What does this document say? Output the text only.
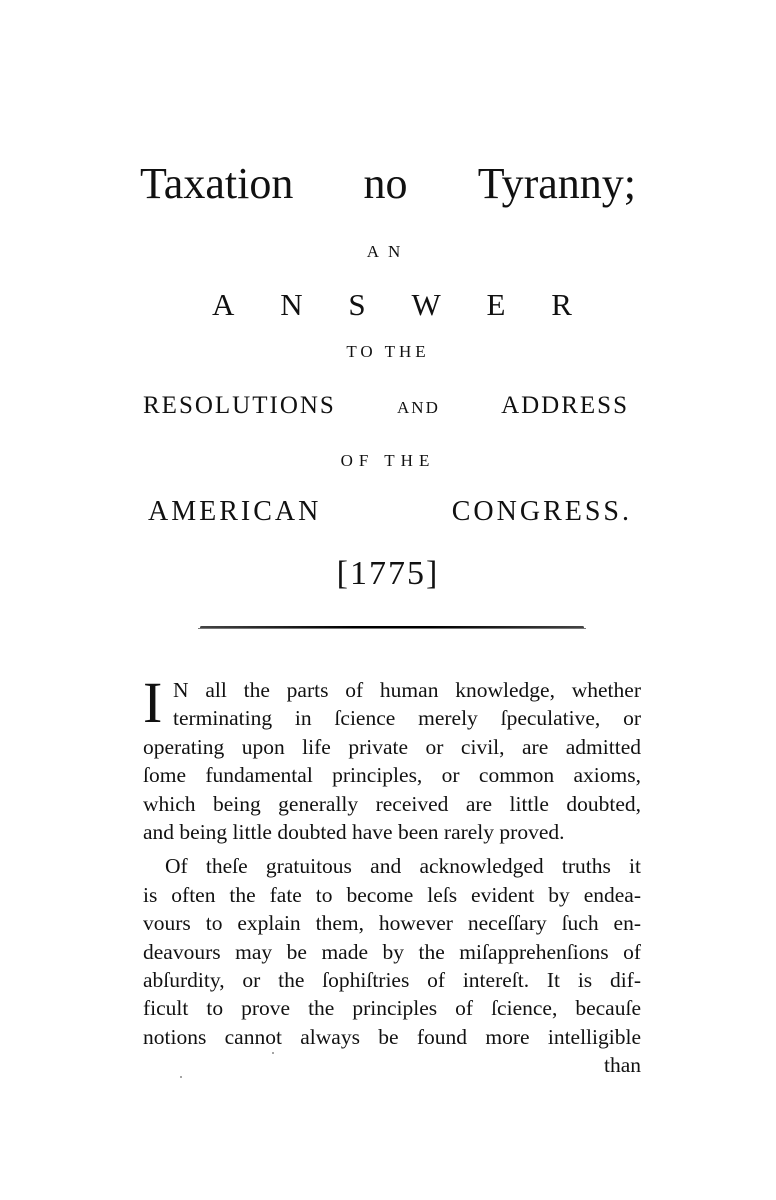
Taxation no Tyranny;
AN
A N S W E R
TO THE
RESOLUTIONS	AND ADDRESS
OF THE
AMERICAN	CONGRESS.
[1775]
I N all the parts of human knowledge, whether
terminating in ſcience merely ſpeculative, or
operating upon life private or civil, are admitted
ſome fundamental principles, or common axioms,
which being generally received are little doubted,
and being little doubted have been rarely proved.
Of theſe gratuitous and acknowledged truths it
is often the fate to become leſs evident by endea-
vours to explain them, however neceſſary ſuch en-
deavours may be made by the miſapprehenſions of
abſurdity, or the ſophiſtries of intereſt. It is dif-
ficult to prove the principles of ſcience, becauſe
notions cannot always be found more intelligible
than
